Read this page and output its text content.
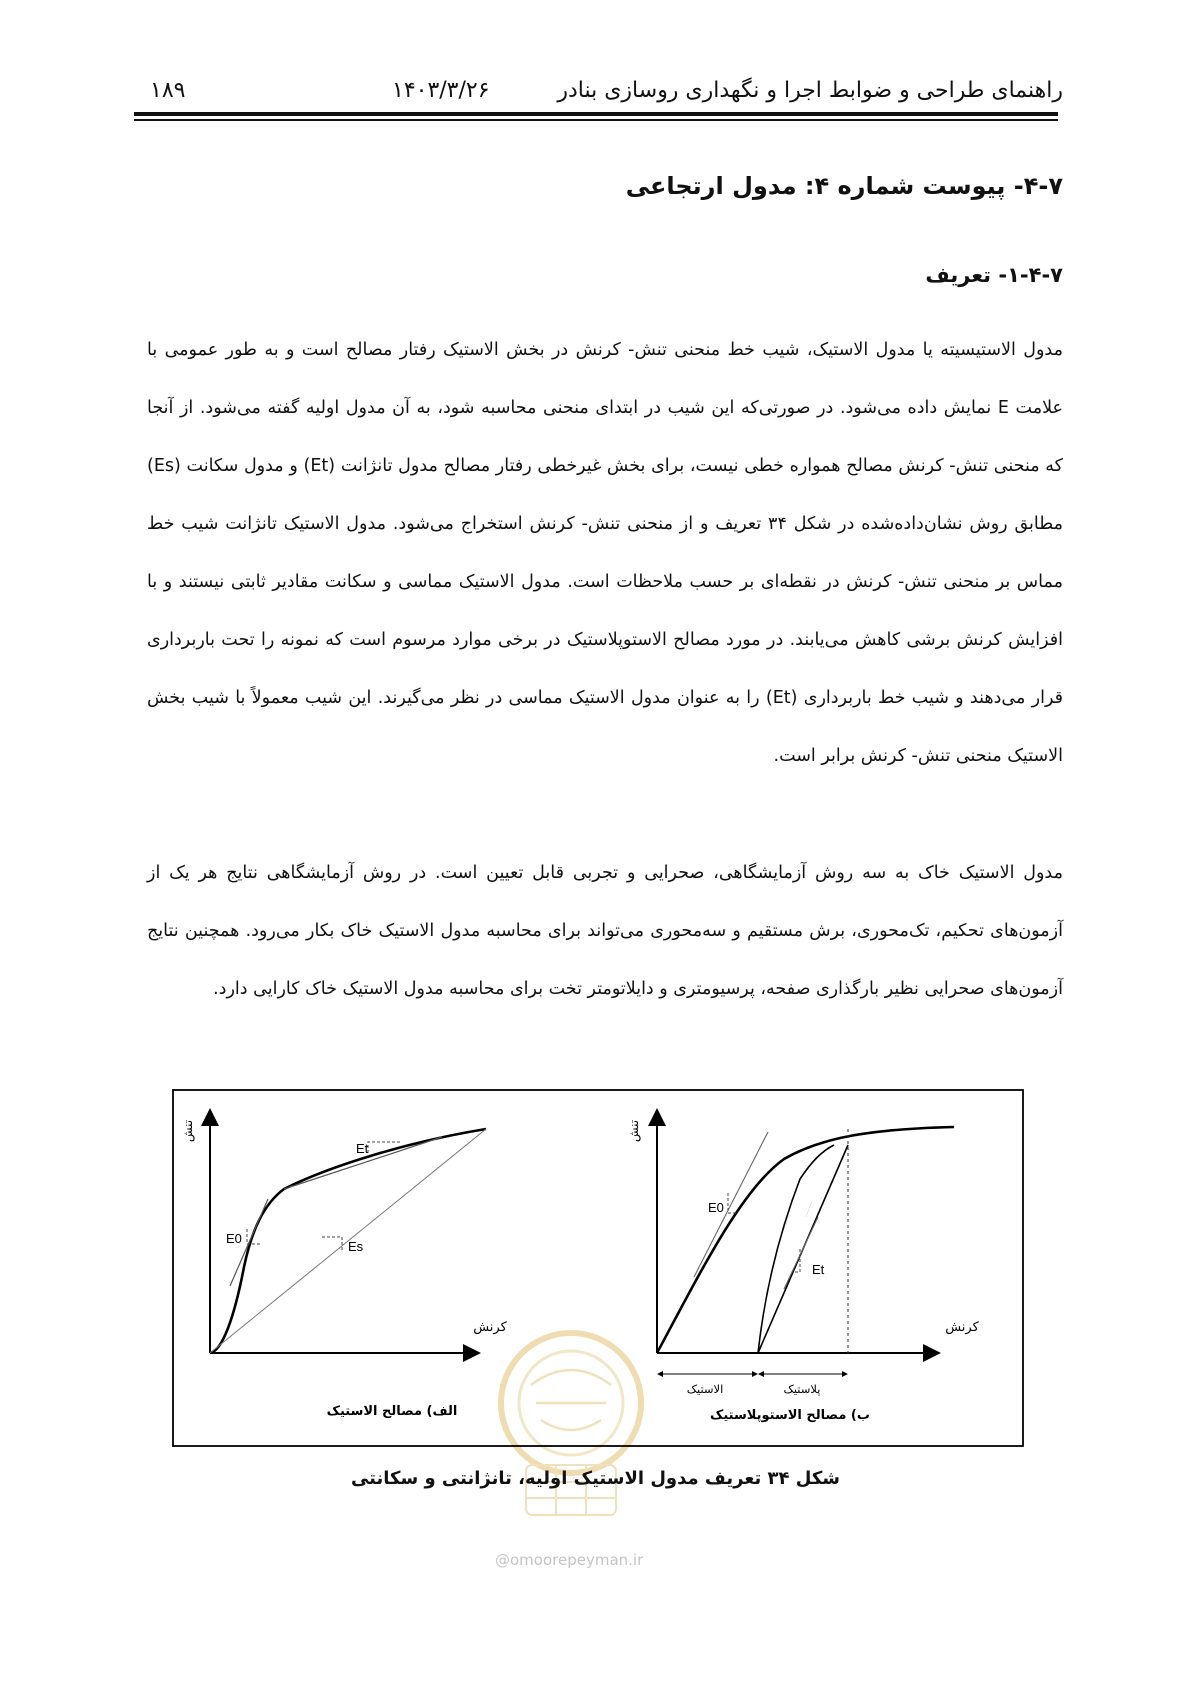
راهنمای طراحی و ضوابط اجرا و نگهداری روسازی بنادر
۱۴۰۳/۳/۲۶
۱۸۹
۴-۷- پیوست شماره ۴: مدول ارتجاعی
۱-۴-۷- تعریف

مدول الاستیسیته یا مدول الاستیک، شیب خط منحنی تنش- کرنش در بخش الاستیک رفتار مصالح است و به طور عمومی با علامت E نمایش داده می‌شود. در صورتی‌که این شیب در ابتدای منحنی محاسبه شود، به آن مدول اولیه گفته می‌شود. از آنجا که منحنی تنش- کرنش مصالح همواره خطی نیست، برای بخش غیرخطی رفتار مصالح مدول تانژانت (Et) و مدول سکانت (Es) مطابق روش نشان‌داده‌شده در شکل ۳۴ تعریف و از منحنی تنش- کرنش استخراج می‌شود. مدول الاستیک تانژانت شیب خط مماس بر منحنی تنش- کرنش در نقطه‌ای بر حسب ملاحظات است. مدول الاستیک مماسی و سکانت مقادیر ثابتی نیستند و با افزایش کرنش برشی کاهش می‌یابند. در مورد مصالح الاستوپلاستیک در برخی موارد مرسوم است که نمونه را تحت باربرداری قرار می‌دهند و شیب خط باربرداری (Et) را به عنوان مدول الاستیک مماسی در نظر می‌گیرند. این شیب معمولاً با شیب بخش الاستیک منحنی تنش- کرنش برابر است.

مدول الاستیک خاک به سه روش آزمایشگاهی، صحرایی و تجربی قابل تعیین است. در روش آزمایشگاهی نتایج هر یک از آزمون‌های تحکیم، تک‌محوری، برش مستقیم و سه‌محوری می‌تواند برای محاسبه مدول الاستیک خاک بکار می‌رود. همچنین نتایج آزمون‌های صحرایی نظیر بارگذاری صفحه، پرسیومتری و دایلاتومتر تخت برای محاسبه مدول الاستیک خاک کارایی دارد.

E0
Et
Es
تنش
کرنش
الف) مصالح الاستیک
E0
Et
الاستیک	پلاستیک
تنش
کرنش
ب) مصالح الاستوپلاستیک
شکل ۳۴ تعریف مدول الاستیک اولیه، تانژانتی و سکانتی
@omoorepeyman.ir
